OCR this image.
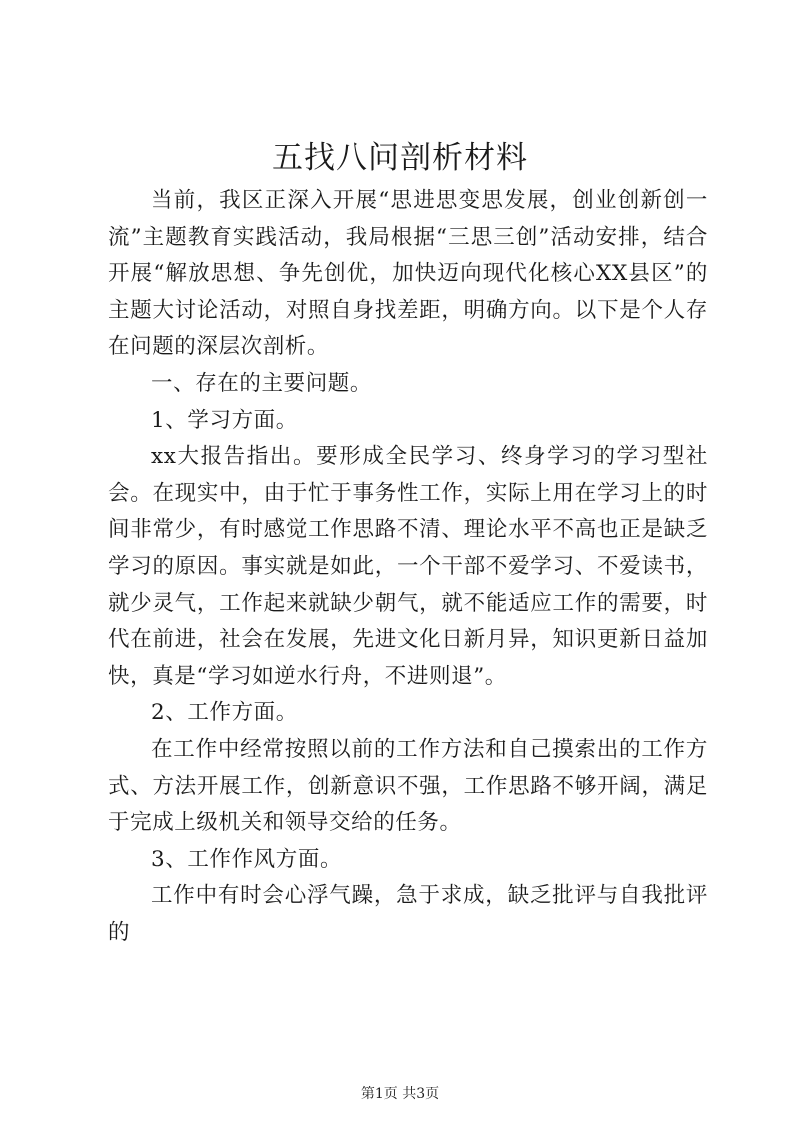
五找八问剖析材料

当前，我区正深入开展“思进思变思发展，创业创新创一流”主题教育实践活动，我局根据“三思三创”活动安排，结合开展“解放思想、争先创优，加快迈向现代化核心XX县区”的主题大讨论活动，对照自身找差距，明确方向。以下是个人存在问题的深层次剖析。

一、存在的主要问题。

1、学习方面。

xx大报告指出。要形成全民学习、终身学习的学习型社会。在现实中，由于忙于事务性工作，实际上用在学习上的时间非常少，有时感觉工作思路不清、理论水平不高也正是缺乏学习的原因。事实就是如此，一个干部不爱学习、不爱读书，就少灵气，工作起来就缺少朝气，就不能适应工作的需要，时代在前进，社会在发展，先进文化日新月异，知识更新日益加快，真是“学习如逆水行舟，不进则退”。

2、工作方面。

在工作中经常按照以前的工作方法和自己摸索出的工作方式、方法开展工作，创新意识不强，工作思路不够开阔，满足于完成上级机关和领导交给的任务。

3、工作作风方面。

工作中有时会心浮气躁，急于求成，缺乏批评与自我批评的

第1页 共3页
